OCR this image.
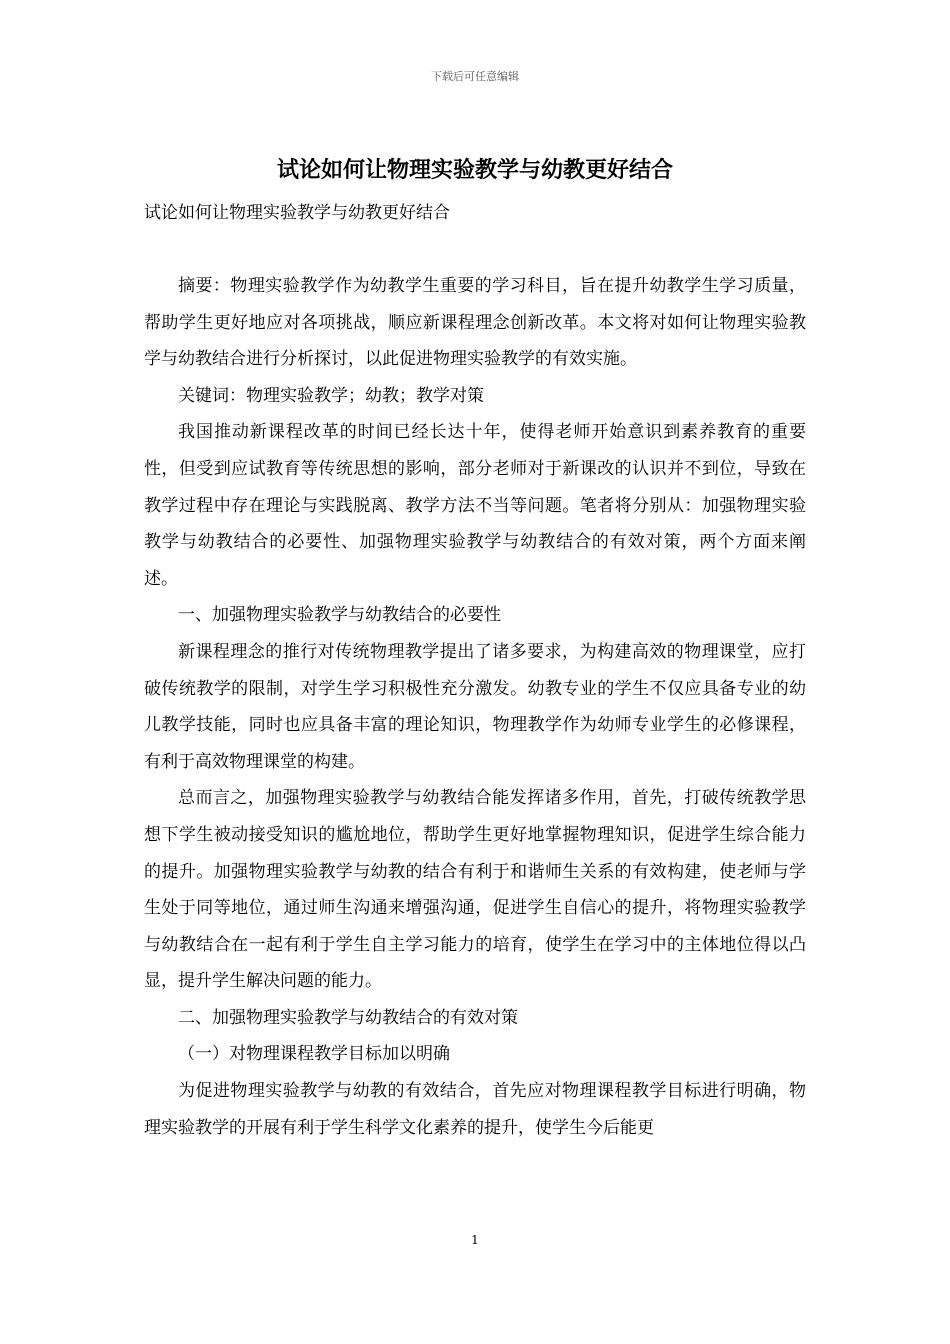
下载后可任意编辑
试论如何让物理实验教学与幼教更好结合
试论如何让物理实验教学与幼教更好结合

摘要：物理实验教学作为幼教学生重要的学习科目，旨在提升幼教学生学习质量，帮助学生更好地应对各项挑战，顺应新课程理念创新改革。本文将对如何让物理实验教学与幼教结合进行分析探讨，以此促进物理实验教学的有效实施。

关键词：物理实验教学；幼教；教学对策

我国推动新课程改革的时间已经长达十年，使得老师开始意识到素养教育的重要性，但受到应试教育等传统思想的影响，部分老师对于新课改的认识并不到位，导致在教学过程中存在理论与实践脱离、教学方法不当等问题。笔者将分别从：加强物理实验教学与幼教结合的必要性、加强物理实验教学与幼教结合的有效对策，两个方面来阐述。

一、加强物理实验教学与幼教结合的必要性

新课程理念的推行对传统物理教学提出了诸多要求，为构建高效的物理课堂，应打破传统教学的限制，对学生学习积极性充分激发。幼教专业的学生不仅应具备专业的幼儿教学技能，同时也应具备丰富的理论知识，物理教学作为幼师专业学生的必修课程，有利于高效物理课堂的构建。

总而言之，加强物理实验教学与幼教结合能发挥诸多作用，首先，打破传统教学思想下学生被动接受知识的尴尬地位，帮助学生更好地掌握物理知识，促进学生综合能力的提升。加强物理实验教学与幼教的结合有利于和谐师生关系的有效构建，使老师与学生处于同等地位，通过师生沟通来增强沟通，促进学生自信心的提升，将物理实验教学与幼教结合在一起有利于学生自主学习能力的培育，使学生在学习中的主体地位得以凸显，提升学生解决问题的能力。

二、加强物理实验教学与幼教结合的有效对策

（一）对物理课程教学目标加以明确

为促进物理实验教学与幼教的有效结合，首先应对物理课程教学目标进行明确，物理实验教学的开展有利于学生科学文化素养的提升，使学生今后能更

1
